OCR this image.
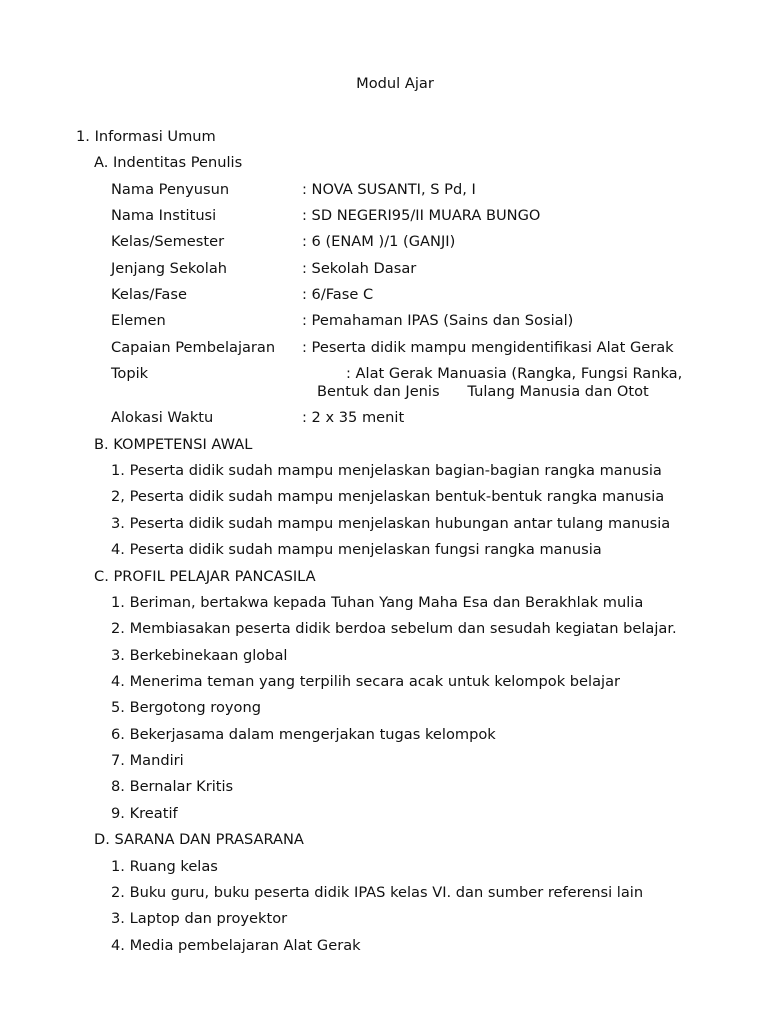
Modul Ajar
1. Informasi Umum
A. Indentitas Penulis
Nama Penyusun	: NOVA SUSANTI, S Pd, I
Nama Institusi	: SD NEGERI95/II MUARA BUNGO
Kelas/Semester	: 6 (ENAM )/1 (GANJI)
Jenjang Sekolah	: Sekolah Dasar
Kelas/Fase	: 6/Fase C
Elemen	: Pemahaman IPAS (Sains dan Sosial)
Capaian Pembelajaran : Peserta didik mampu mengidentifikasi Alat Gerak
Topik	: Alat Gerak Manuasia (Rangka, Fungsi Ranka,
Bentuk dan Jenis      Tulang Manusia dan Otot
Alokasi Waktu	: 2 x 35 menit
B. KOMPETENSI AWAL
1. Peserta didik sudah mampu menjelaskan bagian-bagian rangka manusia
2, Peserta didik sudah mampu menjelaskan bentuk-bentuk rangka manusia
3. Peserta didik sudah mampu menjelaskan hubungan antar tulang manusia
4. Peserta didik sudah mampu menjelaskan fungsi rangka manusia
C. PROFIL PELAJAR PANCASILA
1. Beriman, bertakwa kepada Tuhan Yang Maha Esa dan Berakhlak mulia
2. Membiasakan peserta didik berdoa sebelum dan sesudah kegiatan belajar.
3. Berkebinekaan global
4. Menerima teman yang terpilih secara acak untuk kelompok belajar
5. Bergotong royong
6. Bekerjasama dalam mengerjakan tugas kelompok
7. Mandiri
8. Bernalar Kritis
9. Kreatif
D. SARANA DAN PRASARANA
1. Ruang kelas
2. Buku guru, buku peserta didik IPAS kelas VI. dan sumber referensi lain
3. Laptop dan proyektor
4. Media pembelajaran Alat Gerak
